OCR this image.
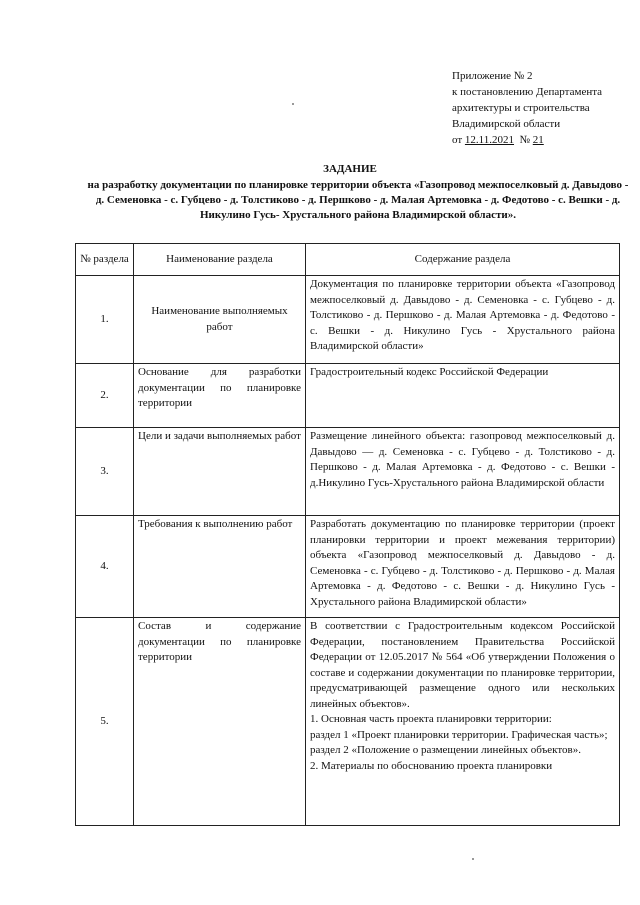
Приложение № 2
к постановлению Департамента
архитектуры и строительства
Владимирской области
от 12.11.2021 № 21
ЗАДАНИЕ
на разработку документации по планировке территории объекта «Газопровод межпоселковый д. Давыдово - д. Семеновка - с. Губцево - д. Толстиково - д. Першково - д. Малая Артемовка - д. Федотово - с. Вешки - д. Никулино Гусь- Хрустального района Владимирской области».
№ раздела	Наименование раздела	Содержание раздела
1.	Наименование выполняемых работ	Документация по планировке территории объекта «Газопровод межпоселковый д. Давыдово - д. Семеновка - с. Губцево - д. Толстиково - д. Першково - д. Малая Артемовка - д. Федотово - с. Вешки - д. Никулино Гусь - Хрустального района Владимирской области»
2.	Основание для разработки документации по планировке территории	Градостроительный кодекс Российской Федерации
3.	Цели и задачи выполняемых работ	Размещение линейного объекта: газопровод межпоселковый д. Давыдово — д. Семеновка - с. Губцево - д. Толстиково - д. Першково - д. Малая Артемовка - д. Федотово - с. Вешки - д.Никулино Гусь-Хрустального района Владимирской области
4.	Требования к выполнению работ	Разработать документацию по планировке территории (проект планировки территории и проект межевания территории) объекта «Газопровод межпоселковый д. Давыдово - д. Семеновка - с. Губцево - д. Толстиково - д. Першково - д. Малая Артемовка - д. Федотово - с. Вешки - д. Никулино Гусь - Хрустального района Владимирской области»
5.	Состав и содержание документации по планировке территории	В соответствии с Градостроительным кодексом Российской Федерации, постановлением Правительства Российской Федерации от 12.05.2017 № 564 «Об утверждении Положения о составе и содержании документации по планировке территории, предусматривающей размещение одного или нескольких линейных объектов».
1. Основная часть проекта планировки территории:
раздел 1 «Проект планировки территории. Графическая часть»;
раздел 2 «Положение о размещении линейных объектов».
2. Материалы по обоснованию проекта планировки
